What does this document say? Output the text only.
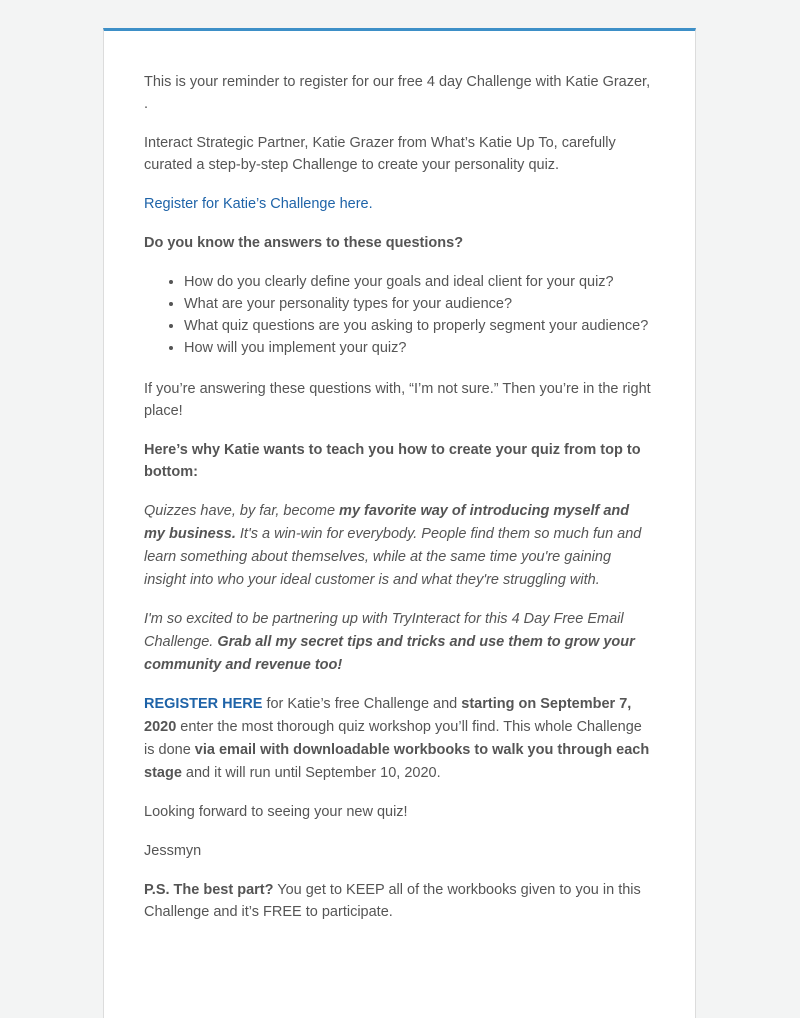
This is your reminder to register for our free 4 day Challenge with Katie Grazer, .

Interact Strategic Partner, Katie Grazer from What’s Katie Up To, carefully curated a step-by-step Challenge to create your personality quiz.

Register for Katie’s Challenge here.

Do you know the answers to these questions?

• How do you clearly define your goals and ideal client for your quiz?
• What are your personality types for your audience?
• What quiz questions are you asking to properly segment your audience?
• How will you implement your quiz?

If you’re answering these questions with, “I’m not sure.” Then you’re in the right place!

Here’s why Katie wants to teach you how to create your quiz from top to bottom:

Quizzes have, by far, become my favorite way of introducing myself and my business. It's a win-win for everybody. People find them so much fun and learn something about themselves, while at the same time you're gaining insight into who your ideal customer is and what they're struggling with.

I'm so excited to be partnering up with TryInteract for this 4 Day Free Email Challenge. Grab all my secret tips and tricks and use them to grow your community and revenue too!

REGISTER HERE for Katie’s free Challenge and starting on September 7, 2020 enter the most thorough quiz workshop you’ll find. This whole Challenge is done via email with downloadable workbooks to walk you through each stage and it will run until September 10, 2020.

Looking forward to seeing your new quiz!

Jessmyn

P.S. The best part? You get to KEEP all of the workbooks given to you in this Challenge and it’s FREE to participate.
